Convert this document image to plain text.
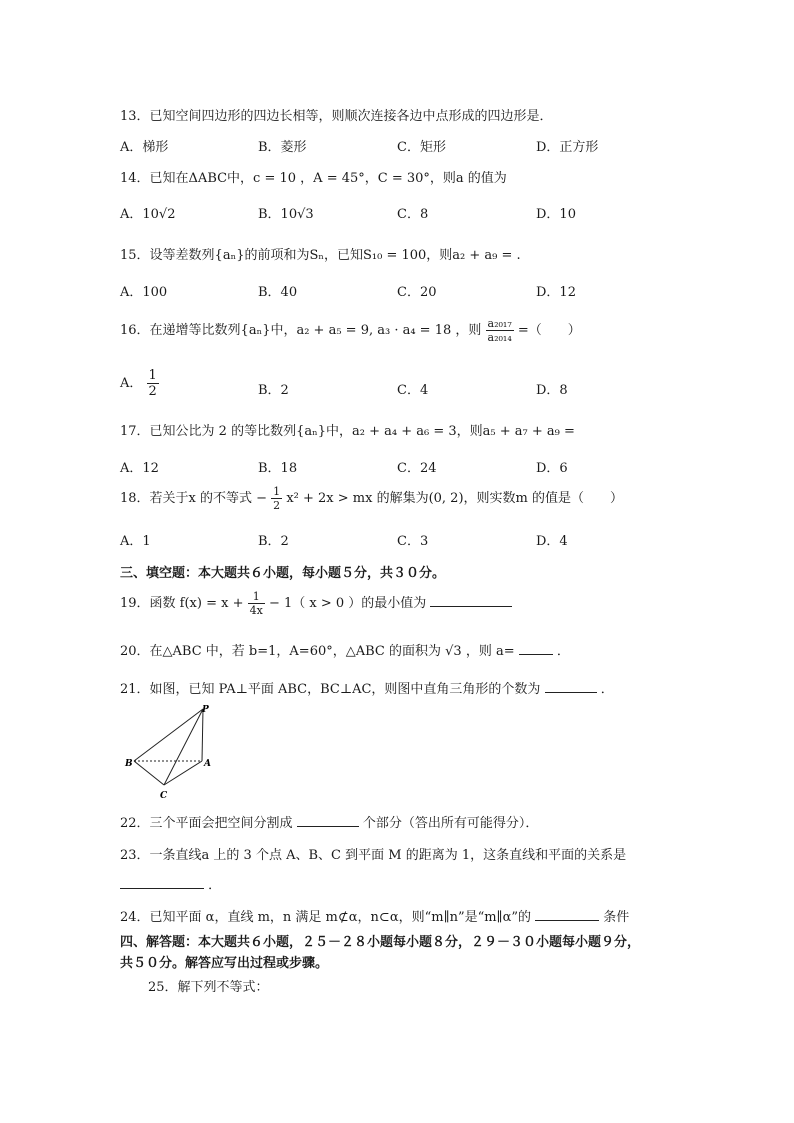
13．已知空间四边形的四边长相等，则顺次连接各边中点形成的四边形是．
A．梯形	B．菱形	C．矩形	D．正方形
14．已知在ΔABC中，c = 10 ，A = 45°，C = 30°，则a 的值为
A．10√2	B．10√3	C．8	D．10
15．设等差数列{aₙ}的前项和为Sₙ，已知S₁₀ = 100，则a₂ + a₉ = .
A．100	B．40	C．20	D．12
16．在递增等比数列{aₙ}中，a₂ + a₅ = 9, a₃ · a₄ = 18 ，则 $\frac{\text{a₂₀₁₇}}{\text{a₂₀₁₄}}$ =（　　）
A． $\frac{1}{2}$	B．2	C．4	D．8
17．已知公比为 2 的等比数列{aₙ}中，a₂ + a₄ + a₆ = 3，则a₅ + a₇ + a₉ =
A．12	B．18	C．24	D．6
18．若关于x 的不等式 − $\frac{1}{2} x^2 + 2x$ > mx 的解集为(0, 2)，则实数m 的值是（　　）
A．1	B．2	C．3	D．4
三、填空题：本大题共６小题，每小题５分，共３０分。
19．函数 $f(x) = x + \frac{1}{4x} - 1$（ x > 0 ）的最小值为
20．在△ABC 中，若 b=1，A=60°，△ABC 的面积为 √3 ，则 a=	．
21．如图，已知 PA⊥平面 ABC，BC⊥AC，则图中直角三角形的个数为	．
P
A
B
C
22．三个平面会把空间分割成	个部分（答出所有可能得分）．
23．一条直线a 上的 3 个点 A、B、C 到平面 M 的距离为 1，这条直线和平面的关系是
．
24．已知平面 α，直线 m，n 满足 m⊄α，n⊂α，则“m∥n”是“m∥α”的	条件
四、解答题：本大题共６小题，２５－２８小题每小题８分，２９－３０小题每小题９分，
共５０分。解答应写出过程或步骤。
25．解下列不等式：
